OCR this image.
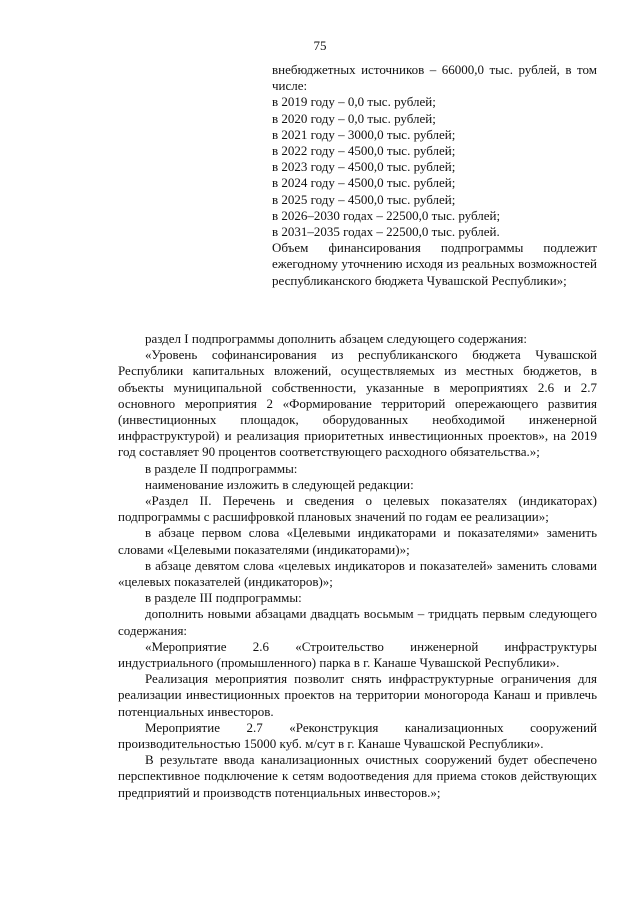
75
внебюджетных источников – 66000,0 тыс. рублей, в том числе:
в 2019 году – 0,0 тыс. рублей;
в 2020 году – 0,0 тыс. рублей;
в 2021 году – 3000,0 тыс. рублей;
в 2022 году – 4500,0 тыс. рублей;
в 2023 году – 4500,0 тыс. рублей;
в 2024 году – 4500,0 тыс. рублей;
в 2025 году – 4500,0 тыс. рублей;
в 2026–2030 годах – 22500,0 тыс. рублей;
в 2031–2035 годах – 22500,0 тыс. рублей.
Объем финансирования подпрограммы подлежит ежегодному уточнению исходя из реальных возможностей республиканского бюджета Чувашской Республики»;

раздел I подпрограммы дополнить абзацем следующего содержания:

«Уровень софинансирования из республиканского бюджета Чувашской Республики капитальных вложений, осуществляемых из местных бюджетов, в объекты муниципальной собственности, указанные в мероприятиях 2.6 и 2.7 основного мероприятия 2 «Формирование территорий опережающего развития (инвестиционных площадок, оборудованных необходимой инженерной инфраструктурой) и реализация приоритетных инвестиционных проектов», на 2019 год составляет 90 процентов соответствующего расходного обязательства.»;

в разделе II подпрограммы:

наименование изложить в следующей редакции:

«Раздел II. Перечень и сведения о целевых показателях (индикаторах) подпрограммы с расшифровкой плановых значений по годам ее реализации»;

в абзаце первом слова «Целевыми индикаторами и показателями» заменить словами «Целевыми показателями (индикаторами)»;

в абзаце девятом слова «целевых индикаторов и показателей» заменить словами «целевых показателей (индикаторов)»;

в разделе III подпрограммы:

дополнить новыми абзацами двадцать восьмым – тридцать первым следующего содержания:

«Мероприятие 2.6 «Строительство инженерной инфраструктуры индустриального (промышленного) парка в г. Канаше Чувашской Республики».

Реализация мероприятия позволит снять инфраструктурные ограничения для реализации инвестиционных проектов на территории моногорода Канаш и привлечь потенциальных инвесторов.

Мероприятие 2.7 «Реконструкция канализационных сооружений производительностью 15000 куб. м/сут в г. Канаше Чувашской Республики».

В результате ввода канализационных очистных сооружений будет обеспечено перспективное подключение к сетям водоотведения для приема стоков действующих предприятий и производств потенциальных инвесторов.»;
